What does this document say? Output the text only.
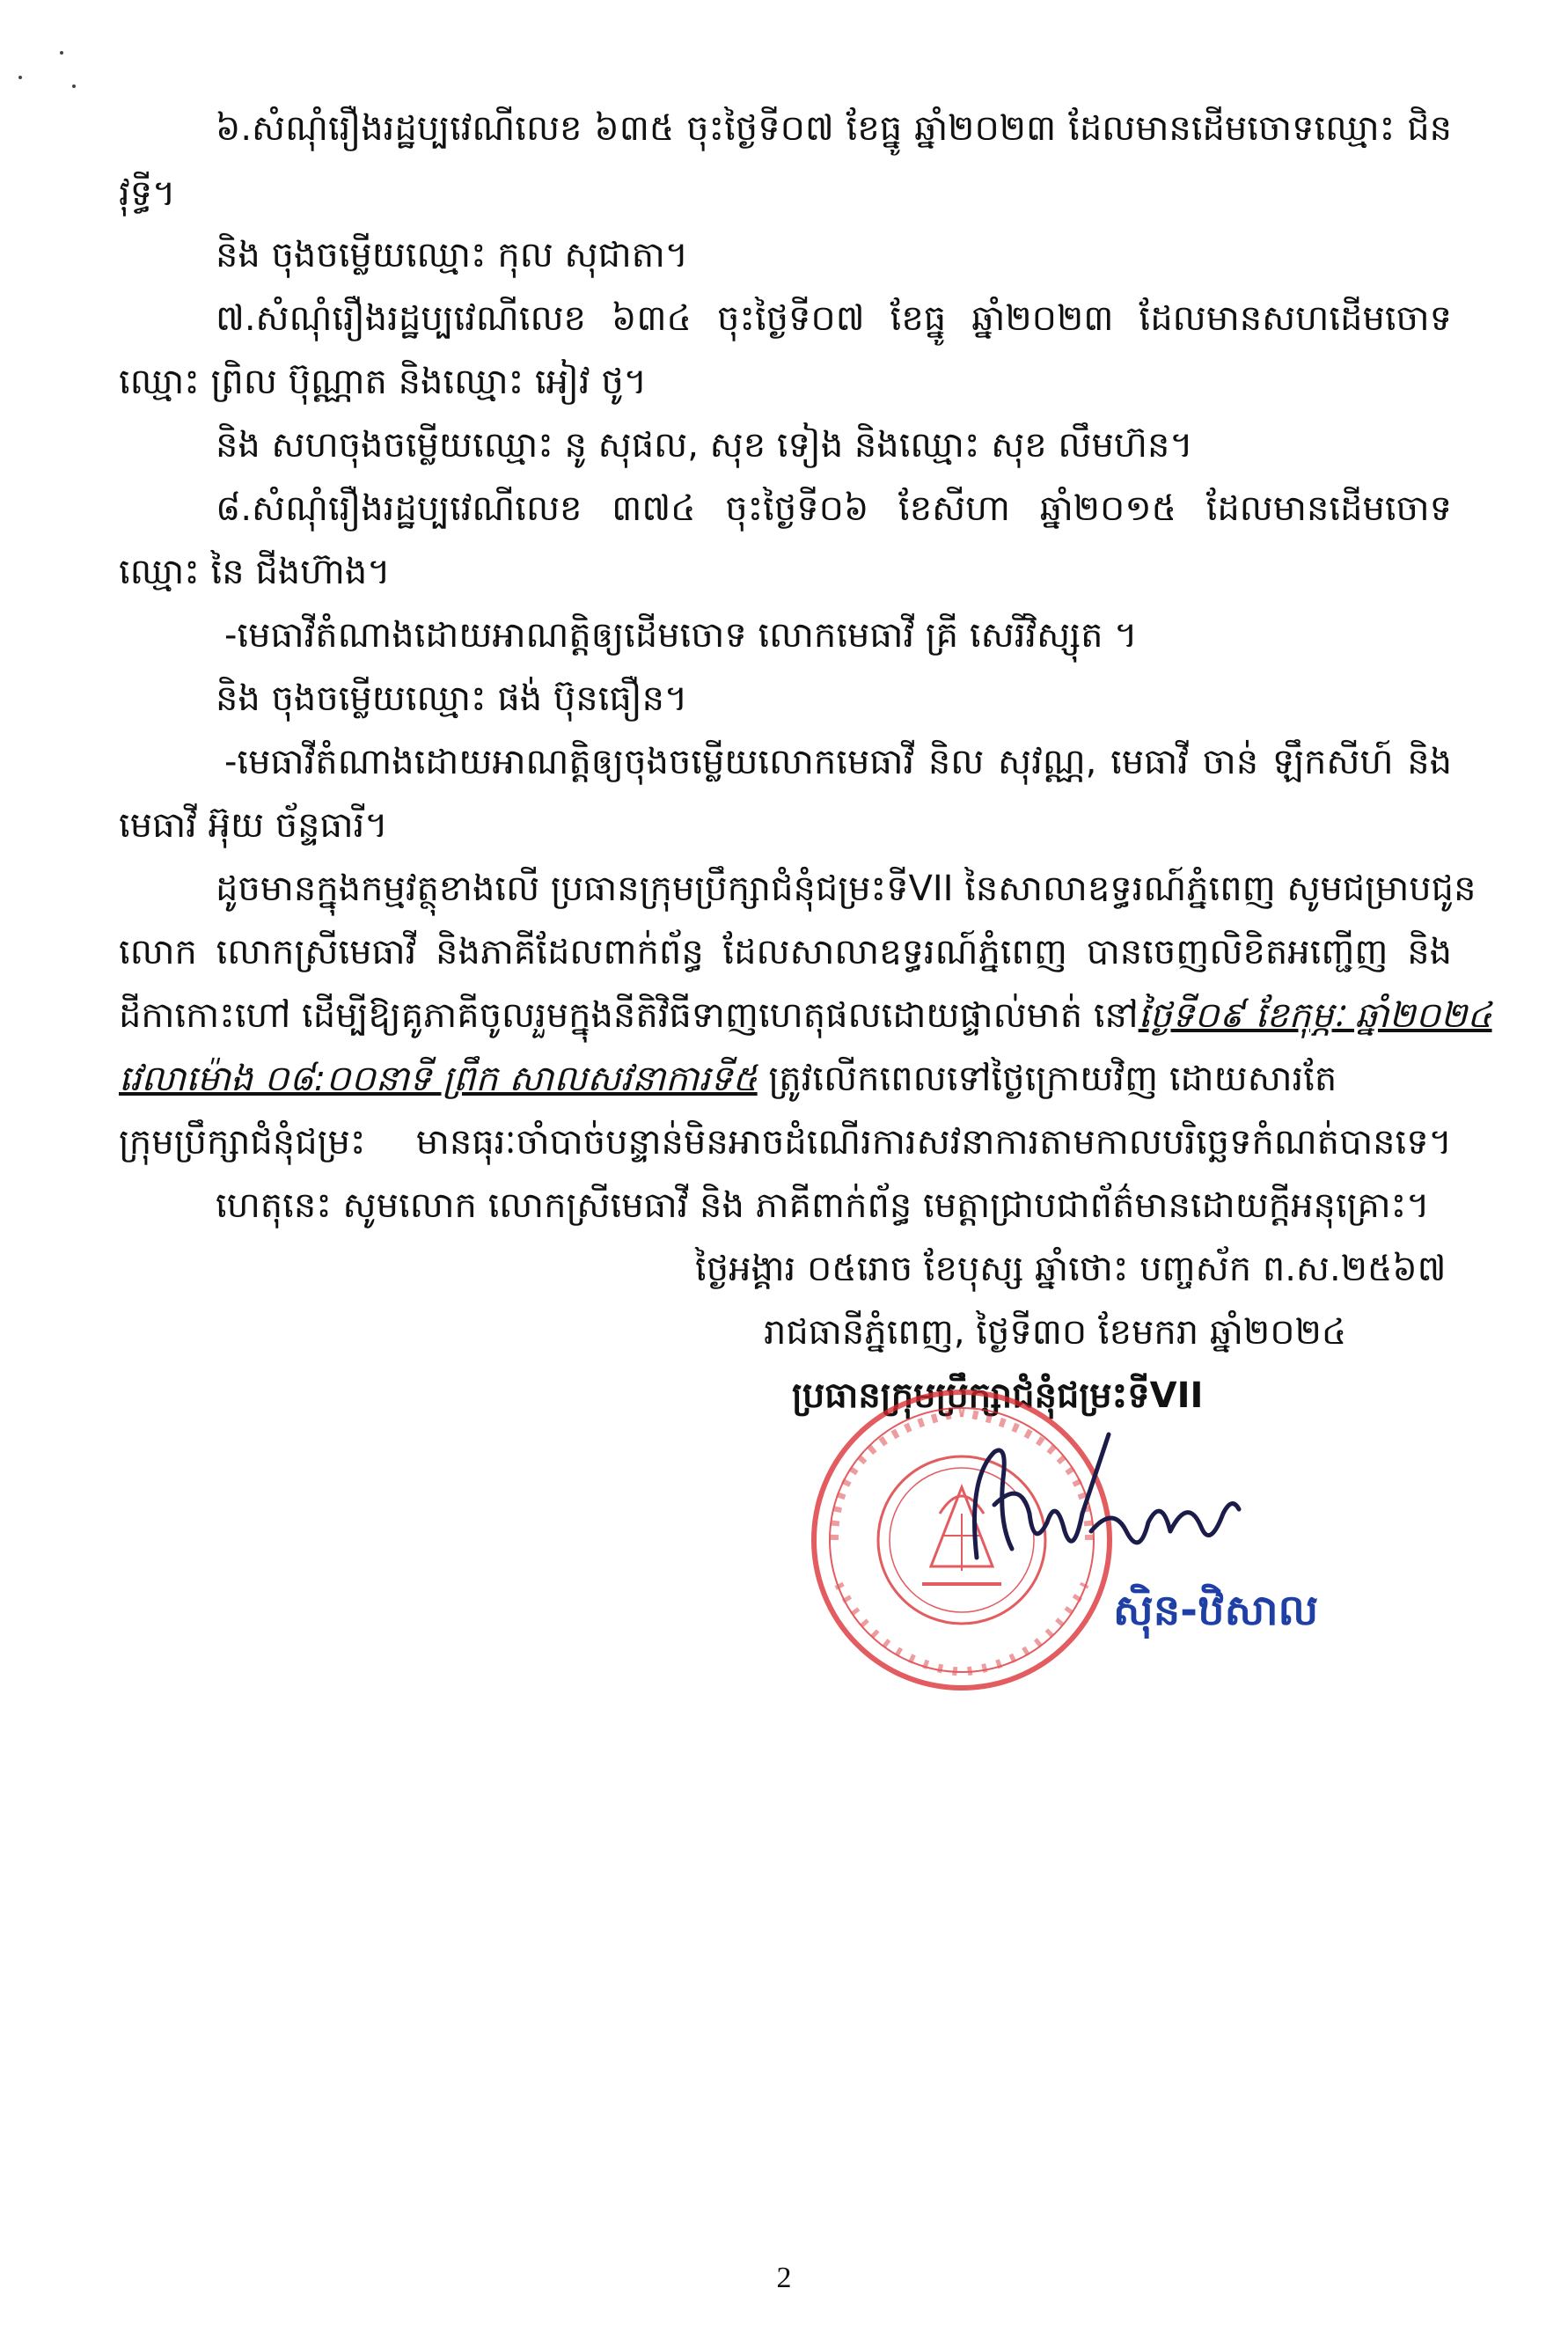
៦.សំណុំរឿងរដ្ឋប្បវេណីលេខ ៦៣៥ ចុះថ្ងៃទី០៧ ខែធ្នូ ឆ្នាំ២០២៣ ដែលមានដើមចោទឈ្មោះ ជិន
វុទ្ធី។
និង ចុងចម្លើយឈ្មោះ កុល សុជាតា។
៧.សំណុំរឿងរដ្ឋប្បវេណីលេខ ៦៣៤ ចុះថ្ងៃទី០៧ ខែធ្នូ ឆ្នាំ២០២៣ ដែលមានសហដើមចោទ
ឈ្មោះ ព្រិល ប៊ុណ្ណាត និងឈ្មោះ អៀវ ថូ។
និង សហចុងចម្លើយឈ្មោះ នូ សុផល, សុខ ទៀង និងឈ្មោះ សុខ លឹមហ៊ន។
៨.សំណុំរឿងរដ្ឋប្បវេណីលេខ ៣៧៤ ចុះថ្ងៃទី០៦ ខែសីហា ឆ្នាំ២០១៥ ដែលមានដើមចោទ
ឈ្មោះ នៃ ជីងហ៊ាង។
-មេធាវីតំណាងដោយអាណត្តិឲ្យដើមចោទ លោកមេធាវី គ្រី សេរីវិស្សុត ។
និង ចុងចម្លើយឈ្មោះ ផង់ ប៊ុនធឿន។
-មេធាវីតំណាងដោយអាណត្តិឲ្យចុងចម្លើយលោកមេធាវី និល សុវណ្ណ, មេធាវី ចាន់ ឡឹកសីហ៍ និង
មេធាវី អ៊ុយ ច័ន្ទធារី។
ដូចមានក្នុងកម្មវត្ថុខាងលើ ប្រធានក្រុមប្រឹក្សាជំនុំជម្រះទីVII នៃសាលាឧទ្ធរណ៍ភ្នំពេញ សូមជម្រាបជូន
លោក លោកស្រីមេធាវី និងភាគីដែលពាក់ព័ន្ធ ដែលសាលាឧទ្ធរណ៍ភ្នំពេញ បានចេញលិខិតអញ្ជើញ និង
ដីកាកោះហៅ ដើម្បីឱ្យគូភាគីចូលរួមក្នុងនីតិវិធីទាញហេតុផលដោយផ្ទាល់មាត់ នៅថ្ងៃទី០៩ ខែកុម្ភៈ ឆ្នាំ២០២៤
វេលាម៉ោង ០៨:០០នាទី ព្រឹក សាលសវនាការទី៥ ត្រូវលើកពេលទៅថ្ងៃក្រោយវិញ ដោយសារតែ
ក្រុមប្រឹក្សាជំនុំជម្រះ មានធុរៈចាំបាច់បន្ទាន់មិនអាចដំណើរការសវនាការតាមកាលបរិច្ឆេទកំណត់បានទេ។
ហេតុនេះ សូមលោក លោកស្រីមេធាវី និង ភាគីពាក់ព័ន្ធ មេត្តាជ្រាបជាព័ត៌មានដោយក្ដីអនុគ្រោះ។
ថ្ងៃអង្គារ ០៥រោច ខែបុស្ស ឆ្នាំថោះ បញ្ចស័ក ព.ស.២៥៦៧
រាជធានីភ្នំពេញ, ថ្ងៃទី៣០ ខែមករា ឆ្នាំ២០២៤
ប្រធានក្រុមប្រឹក្សាជំនុំជម្រះទីVII
ស៊ិន-ឋិសាល
2
